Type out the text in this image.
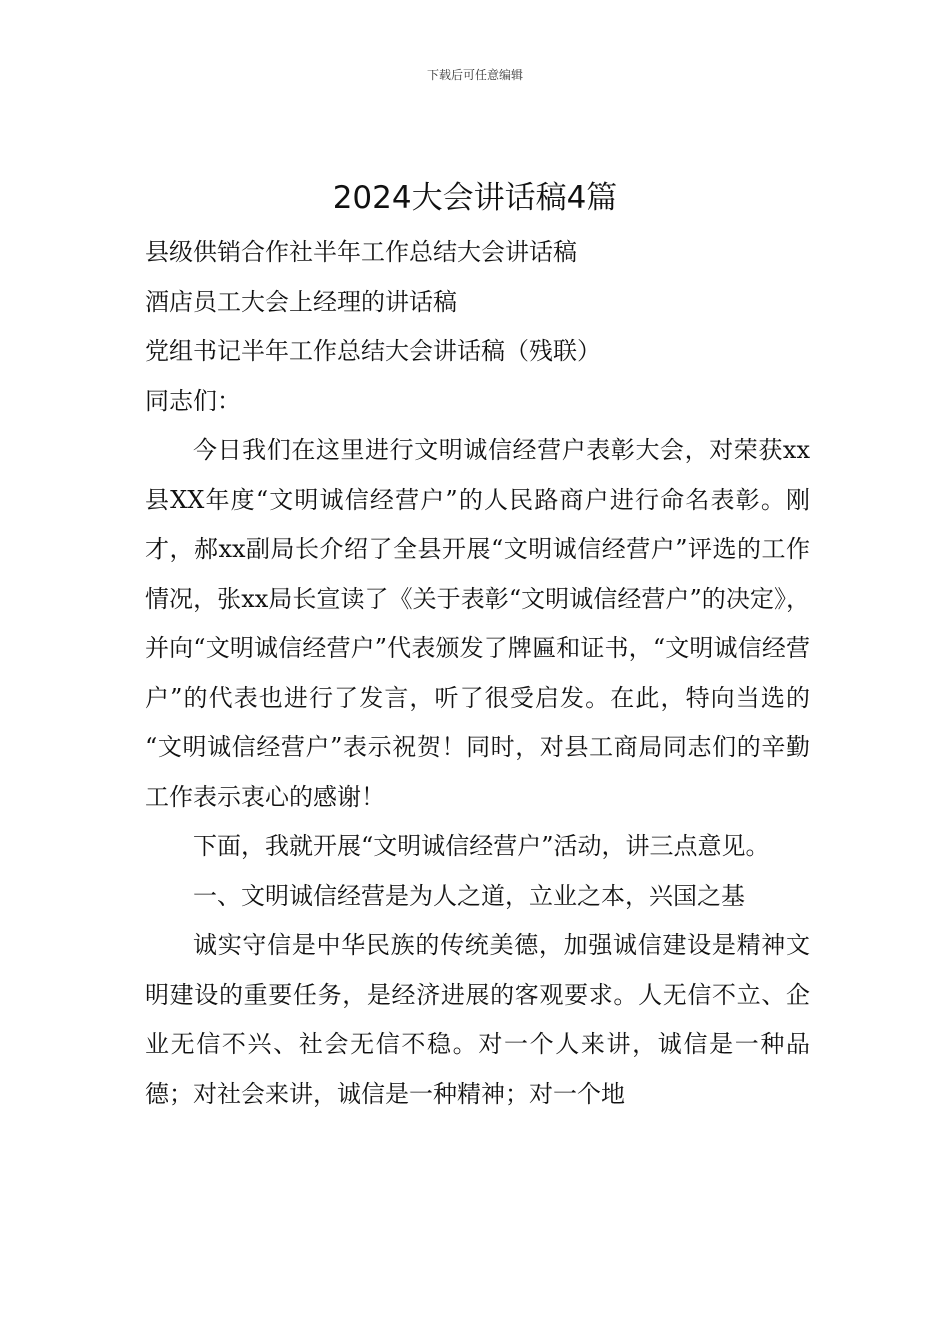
下载后可任意编辑
2024大会讲话稿4篇

县级供销合作社半年工作总结大会讲话稿

酒店员工大会上经理的讲话稿

党组书记半年工作总结大会讲话稿（残联）

同志们：

今日我们在这里进行文明诚信经营户表彰大会，对荣获xx县XX年度“文明诚信经营户”的人民路商户进行命名表彰。刚才，郝xx副局长介绍了全县开展“文明诚信经营户”评选的工作情况，张xx局长宣读了《关于表彰“文明诚信经营户”的决定》，并向“文明诚信经营户”代表颁发了牌匾和证书，“文明诚信经营户”的代表也进行了发言，听了很受启发。在此，特向当选的 “文明诚信经营户”表示祝贺！同时，对县工商局同志们的辛勤工作表示衷心的感谢！

下面，我就开展“文明诚信经营户”活动，讲三点意见。

一、文明诚信经营是为人之道，立业之本，兴国之基

诚实守信是中华民族的传统美德，加强诚信建设是精神文明建设的重要任务，是经济进展的客观要求。人无信不立、企业无信不兴、社会无信不稳。对一个人来讲，诚信是一种品德；对社会来讲，诚信是一种精神；对一个地
